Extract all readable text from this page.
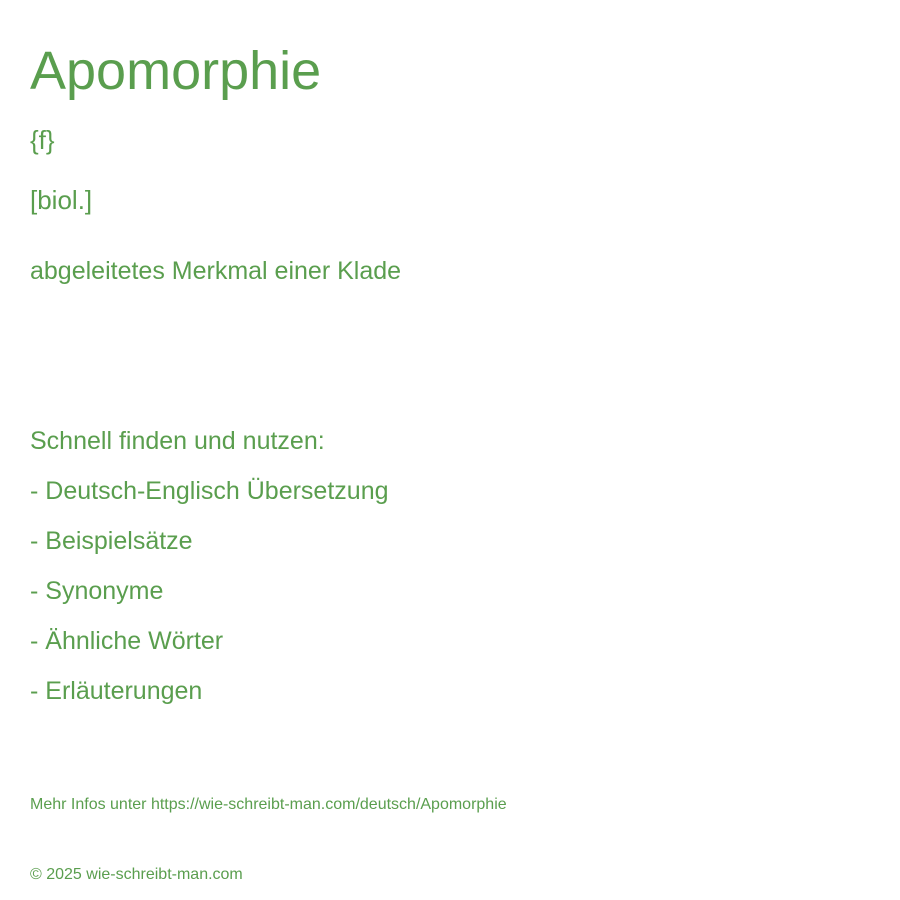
Apomorphie
{f}
[biol.]
abgeleitetes Merkmal einer Klade
Schnell finden und nutzen:
- Deutsch-Englisch Übersetzung
- Beispielsätze
- Synonyme
- Ähnliche Wörter
- Erläuterungen
Mehr Infos unter https://wie-schreibt-man.com/deutsch/Apomorphie
© 2025 wie-schreibt-man.com
